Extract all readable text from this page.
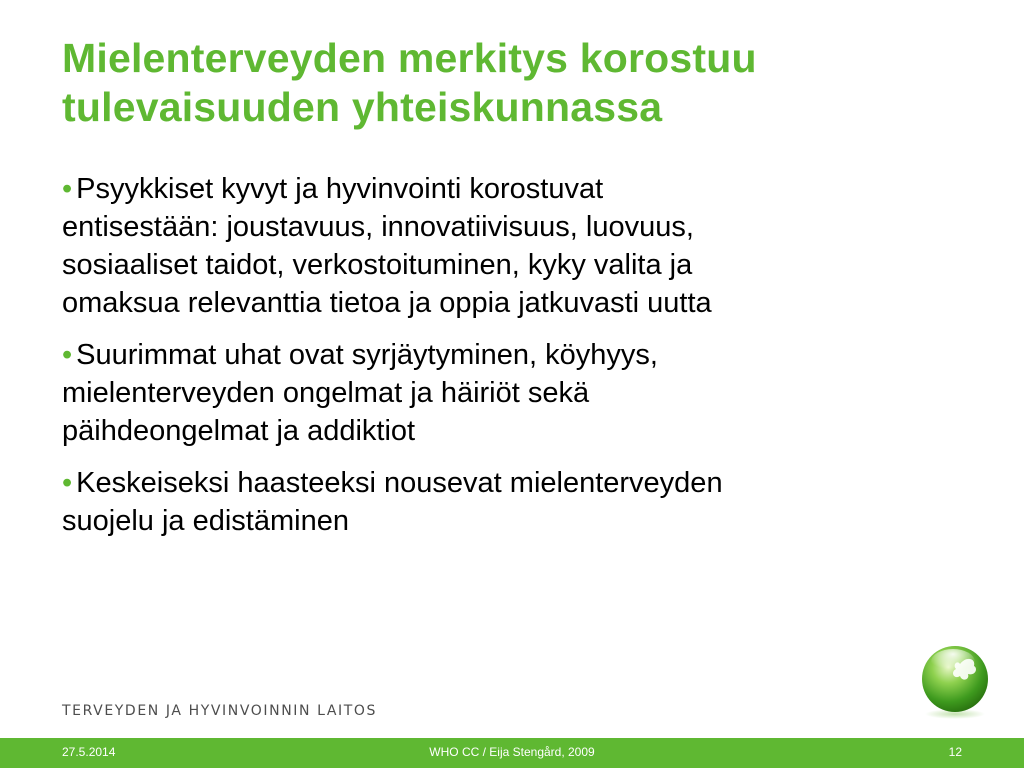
Mielenterveyden merkitys korostuu
tulevaisuuden yhteiskunnassa
• Psyykkiset kyvyt ja hyvinvointi korostuvat

entisestään: joustavuus, innovatiivisuus, luovuus,
sosiaaliset taidot, verkostoituminen, kyky valita ja
omaksua relevanttia tietoa ja oppia jatkuvasti uutta
• Suurimmat uhat ovat syrjäytyminen, köyhyys,

mielenterveyden ongelmat ja häiriöt sekä
päihdeongelmat ja addiktiot
• Keskeiseksi haasteeksi nousevat mielenterveyden

suojelu ja edistäminen
TERVEYDEN JA HYVINVOINNIN LAITOS
27.5.2014	WHO CC / Eija Stengård, 2009	12
